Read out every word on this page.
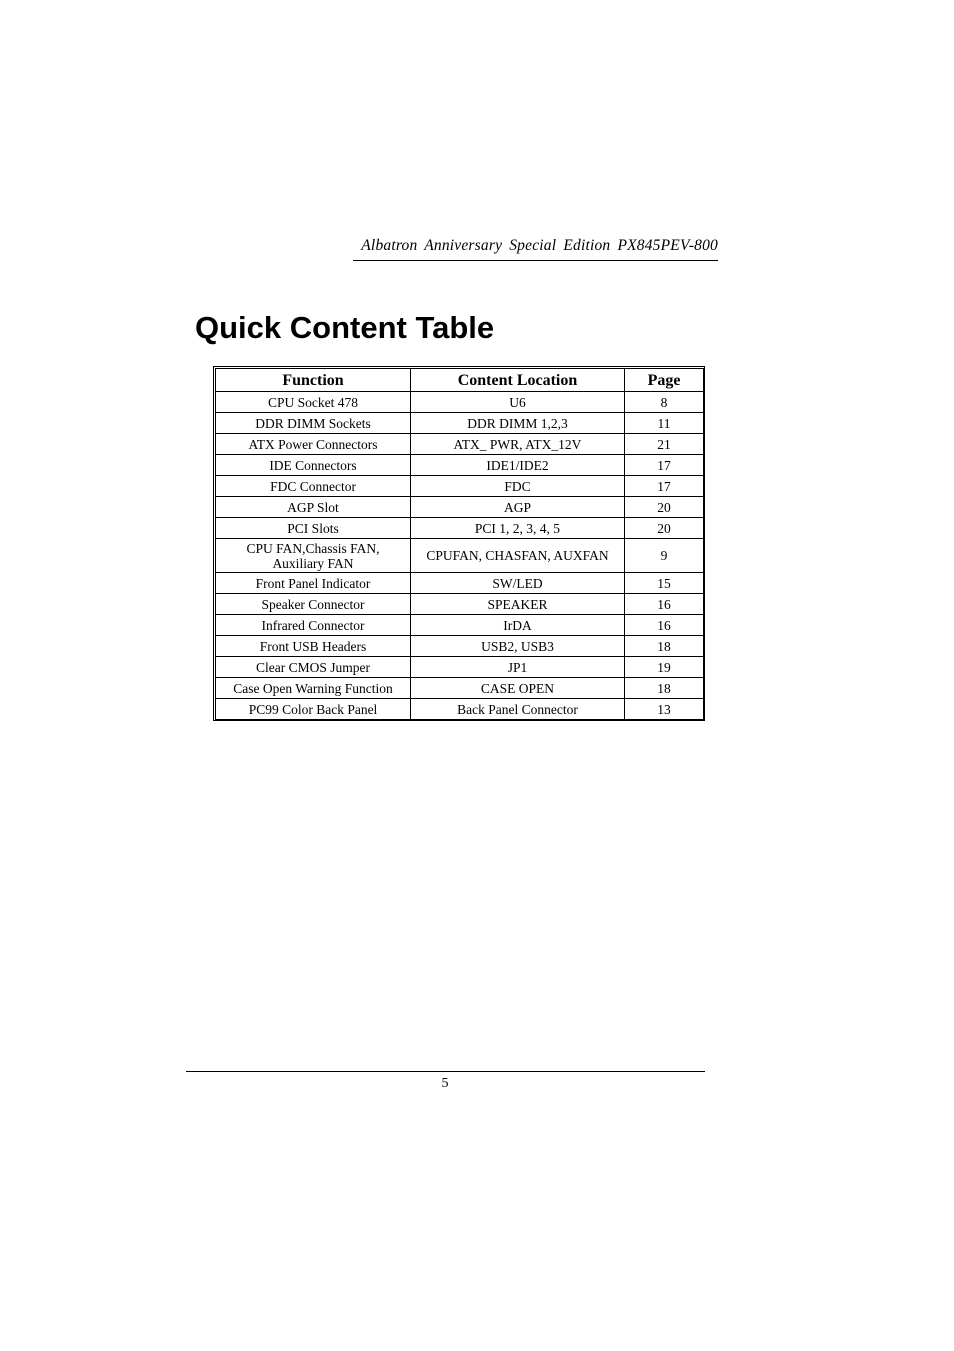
Albatron Anniversary Special Edition PX845PEV-800
Quick Content Table
Function	Content Location	Page
CPU Socket 478	U6	8
DDR DIMM Sockets	DDR DIMM 1,2,3	11
ATX Power Connectors	ATX_ PWR, ATX_12V	21
IDE Connectors	IDE1/IDE2	17
FDC Connector	FDC	17
AGP Slot	AGP	20
PCI Slots	PCI 1, 2, 3, 4, 5	20
CPU FAN,Chassis FAN,
Auxiliary FAN	CPUFAN, CHASFAN, AUXFAN	9
Front Panel Indicator	SW/LED	15
Speaker Connector	SPEAKER	16
Infrared Connector	IrDA	16
Front USB Headers	USB2, USB3	18
Clear CMOS Jumper	JP1	19
Case Open Warning Function	CASE OPEN	18
PC99 Color Back Panel	Back Panel Connector	13
5
